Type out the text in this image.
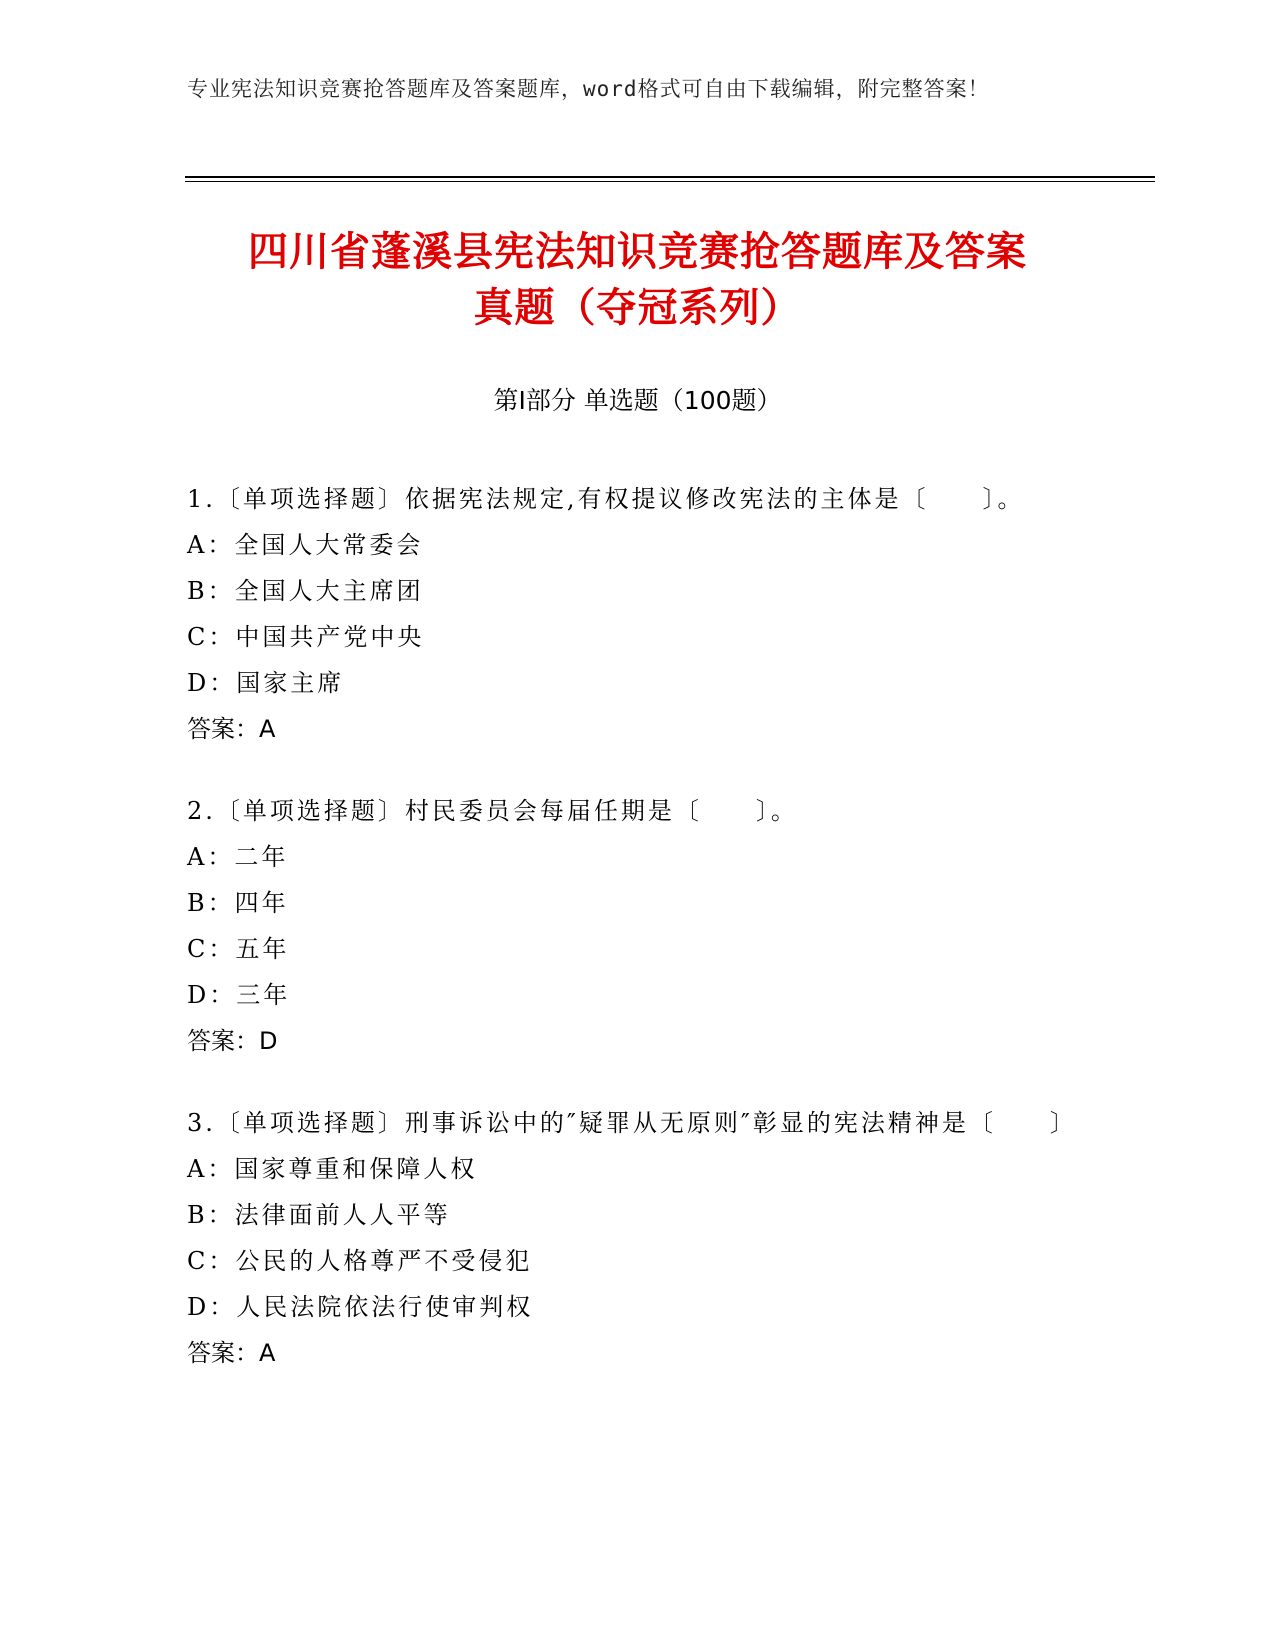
专业宪法知识竞赛抢答题库及答案题库，word格式可自由下载编辑，附完整答案！
四川省蓬溪县宪法知识竞赛抢答题库及答案
真题（夺冠系列）
第Ⅰ部分 单选题（100题）

1.〔单项选择题〕依据宪法规定,有权提议修改宪法的主体是〔　　〕。

A：全国人大常委会

B：全国人大主席团

C：中国共产党中央

D：国家主席

答案：A

2.〔单项选择题〕村民委员会每届任期是〔　　〕。

A：二年

B：四年

C：五年

D：三年

答案：D

3.〔单项选择题〕刑事诉讼中的″疑罪从无原则″彰显的宪法精神是〔　　〕

A：国家尊重和保障人权

B：法律面前人人平等

C：公民的人格尊严不受侵犯

D：人民法院依法行使审判权

答案：A
